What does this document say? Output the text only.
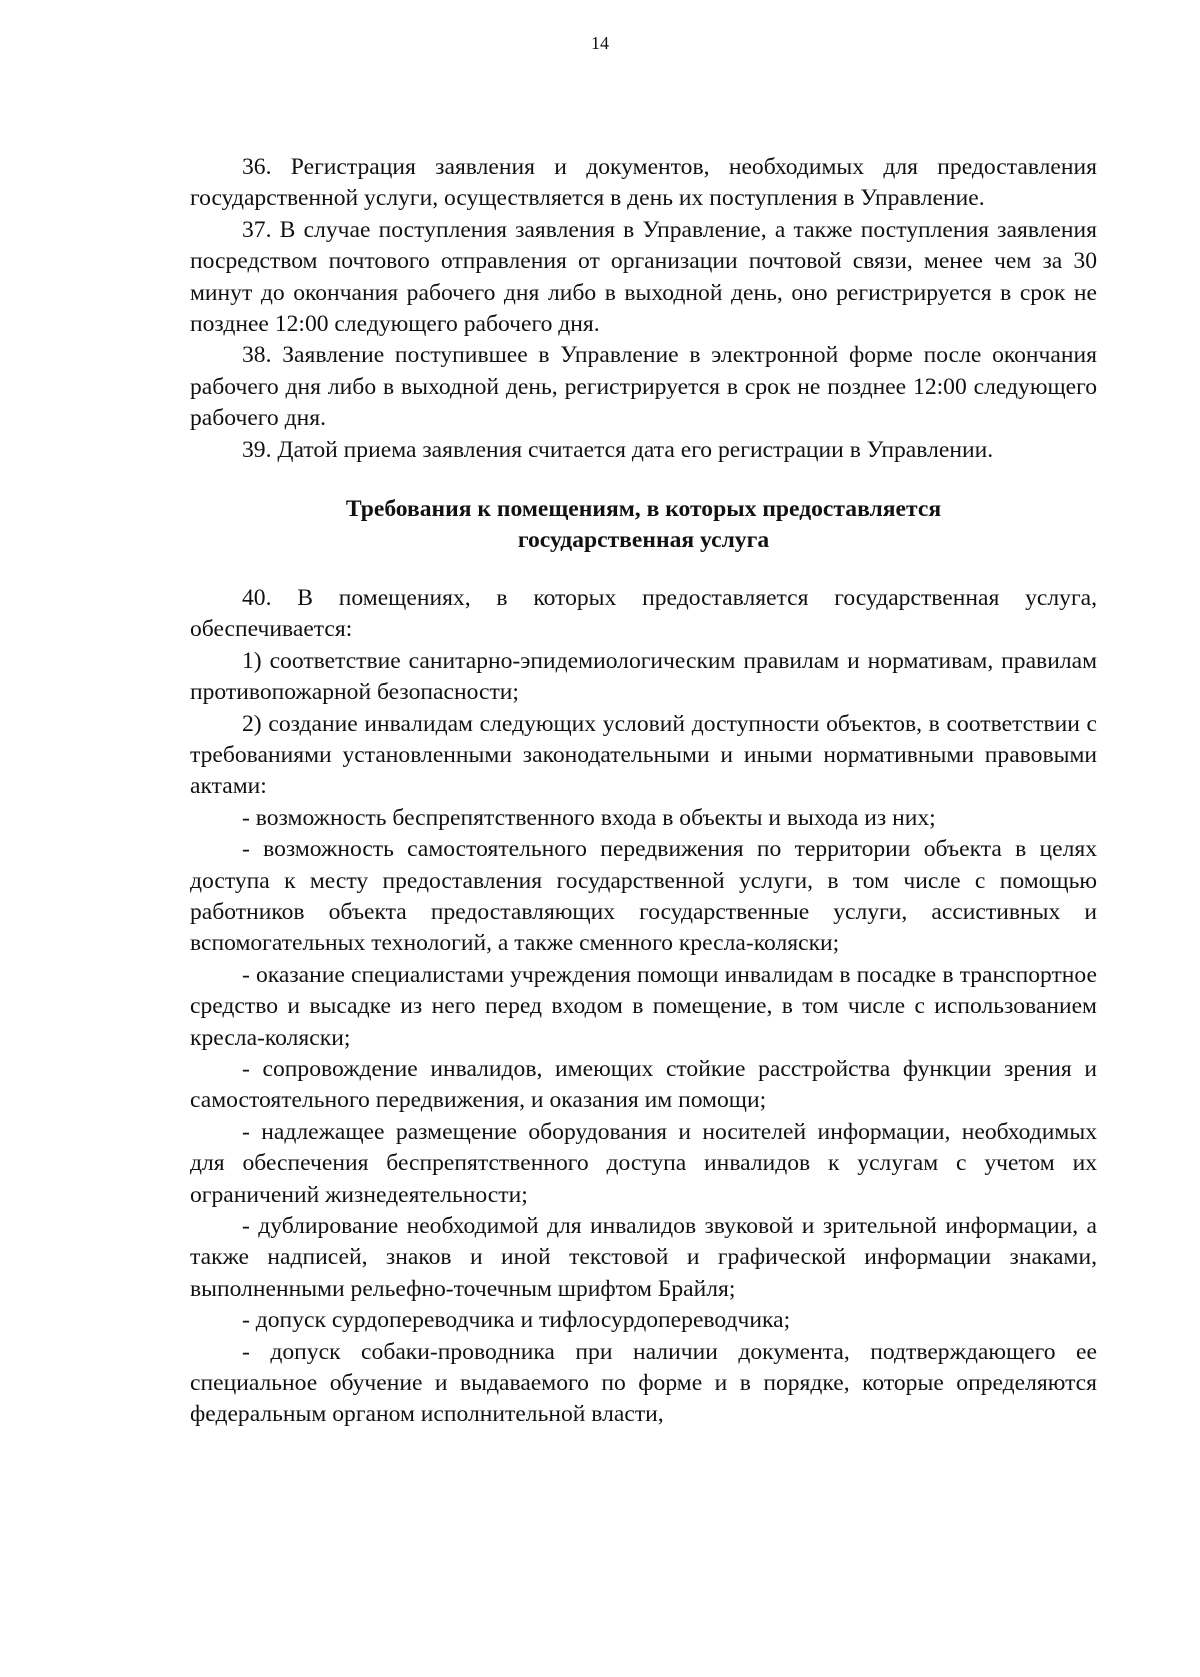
14

36. Регистрация заявления и документов, необходимых для предоставления государственной услуги, осуществляется в день их поступления в Управление.

37. В случае поступления заявления в Управление, а также поступления заявления посредством почтового отправления от организации почтовой связи, менее чем за 30 минут до окончания рабочего дня либо в выходной день, оно регистрируется в срок не позднее 12:00 следующего рабочего дня.

38. Заявление поступившее в Управление в электронной форме после окончания рабочего дня либо в выходной день, регистрируется в срок не позднее 12:00 следующего рабочего дня.

39. Датой приема заявления считается дата его регистрации в Управлении.

Требования к помещениям, в которых предоставляется
государственная услуга

40. В помещениях, в которых предоставляется государственная услуга, обеспечивается:

1) соответствие санитарно-эпидемиологическим правилам и нормативам, правилам противопожарной безопасности;

2) создание инвалидам следующих условий доступности объектов, в соответствии с требованиями установленными законодательными и иными нормативными правовыми актами:

- возможность беспрепятственного входа в объекты и выхода из них;

- возможность самостоятельного передвижения по территории объекта в целях доступа к месту предоставления государственной услуги, в том числе с помощью работников объекта предоставляющих государственные услуги, ассистивных и вспомогательных технологий, а также сменного кресла-коляски;

- оказание специалистами учреждения помощи инвалидам в посадке в транспортное средство и высадке из него перед входом в помещение, в том числе с использованием кресла-коляски;

- сопровождение инвалидов, имеющих стойкие расстройства функции зрения и самостоятельного передвижения, и оказания им помощи;

- надлежащее размещение оборудования и носителей информации, необходимых для обеспечения беспрепятственного доступа инвалидов к услугам с учетом их ограничений жизнедеятельности;

- дублирование необходимой для инвалидов звуковой и зрительной информации, а также надписей, знаков и иной текстовой и графической информации знаками, выполненными рельефно-точечным шрифтом Брайля;

- допуск сурдопереводчика и тифлосурдопереводчика;

- допуск собаки-проводника при наличии документа, подтверждающего ее специальное обучение и выдаваемого по форме и в порядке, которые определяются федеральным органом исполнительной власти,
